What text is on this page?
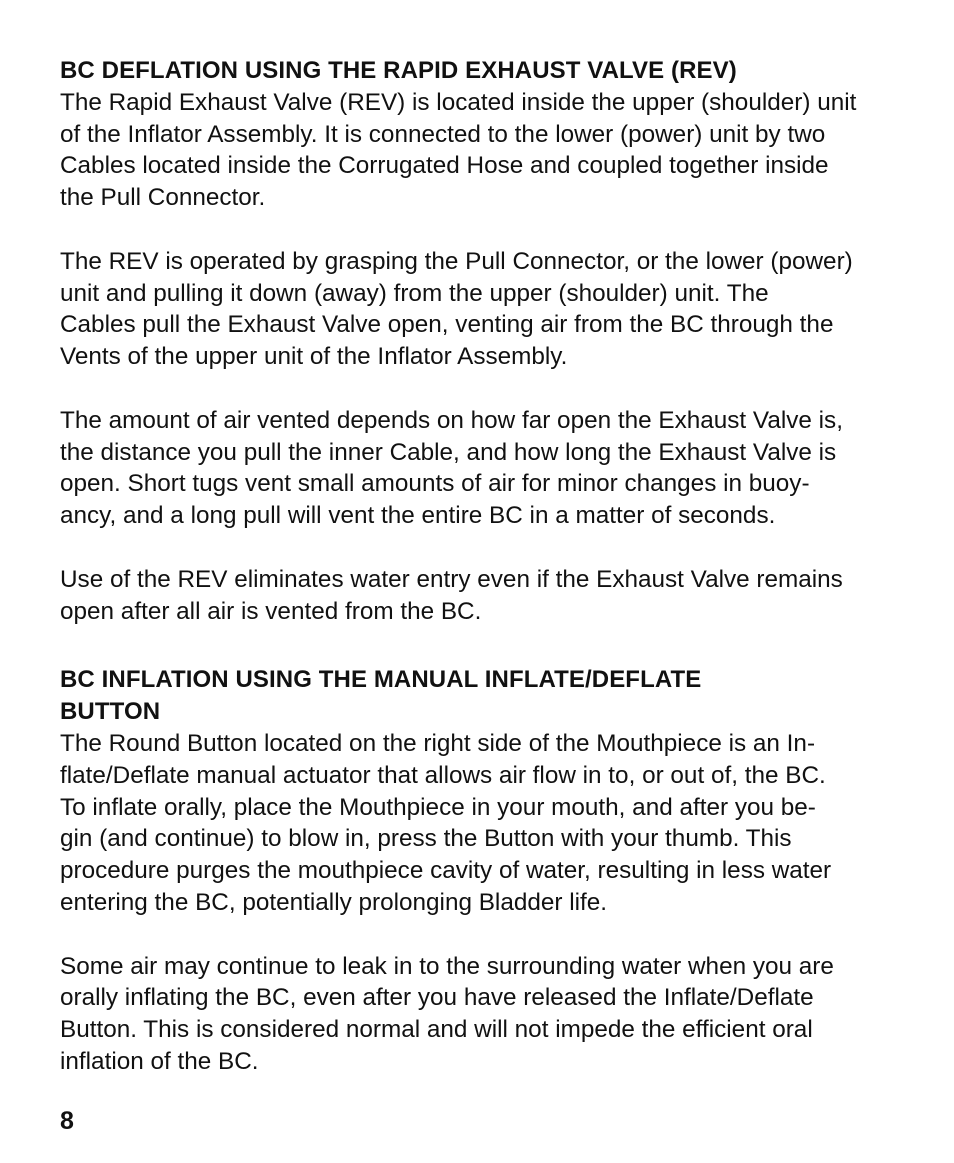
BC DEFLATION USING THE RAPID EXHAUST VALVE (REV)

The Rapid Exhaust Valve (REV) is located inside the upper (shoulder) unit
of the Inflator Assembly. It is connected to the lower (power) unit by two
Cables located inside the Corrugated Hose and coupled together inside
the Pull Connector.

The REV is operated by grasping the Pull Connector, or the lower (power)
unit and pulling it down (away) from the upper (shoulder) unit. The
Cables pull the Exhaust Valve open, venting air from the BC through the
Vents of the upper unit of the Inflator Assembly.

The amount of air vented depends on how far open the Exhaust Valve is,
the distance you pull the inner Cable, and how long the Exhaust Valve is
open. Short tugs vent small amounts of air for minor changes in buoy-
ancy, and a long pull will vent the entire BC in a matter of seconds.

Use of the REV eliminates water entry even if the Exhaust Valve remains
open after all air is vented from the BC.

BC INFLATION USING THE MANUAL INFLATE/DEFLATE
BUTTON

The Round Button located on the right side of the Mouthpiece is an In-
flate/Deflate manual actuator that allows air flow in to, or out of, the BC.
To inflate orally, place the Mouthpiece in your mouth, and after you be-
gin (and continue) to blow in, press the Button with your thumb. This
procedure purges the mouthpiece cavity of water, resulting in less water
entering the BC, potentially prolonging Bladder life.

Some air may continue to leak in to the surrounding water when you are
orally inflating the BC, even after you have released the Inflate/Deflate
Button. This is considered normal and will not impede the efficient oral
inflation of the BC.

8
